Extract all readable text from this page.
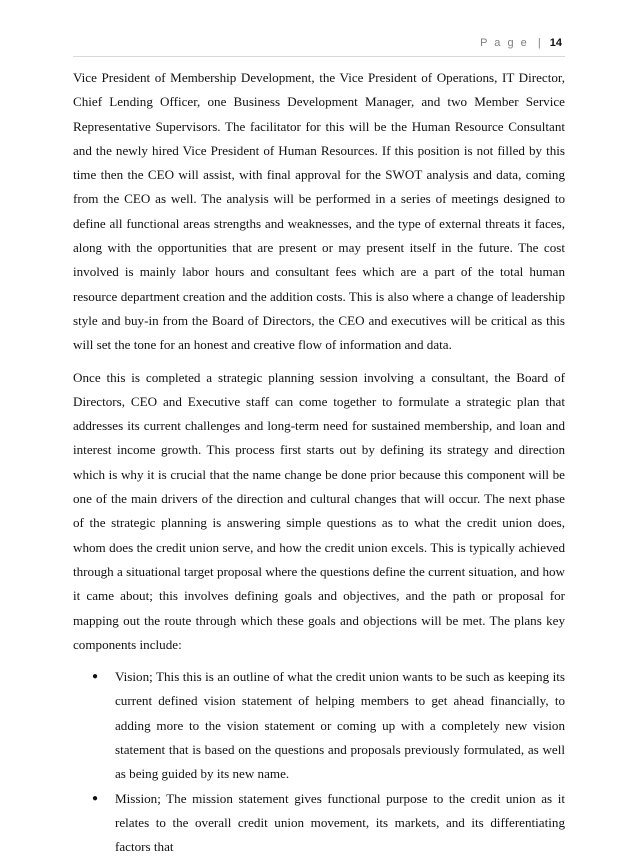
P a g e | 14

Vice President of Membership Development, the Vice President of Operations, IT Director, Chief Lending Officer, one Business Development Manager, and two Member Service Representative Supervisors. The facilitator for this will be the Human Resource Consultant and the newly hired Vice President of Human Resources. If this position is not filled by this time then the CEO will assist, with final approval for the SWOT analysis and data, coming from the CEO as well. The analysis will be performed in a series of meetings designed to define all functional areas strengths and weaknesses, and the type of external threats it faces, along with the opportunities that are present or may present itself in the future. The cost involved is mainly labor hours and consultant fees which are a part of the total human resource department creation and the addition costs. This is also where a change of leadership style and buy-in from the Board of Directors, the CEO and executives will be critical as this will set the tone for an honest and creative flow of information and data.

Once this is completed a strategic planning session involving a consultant, the Board of Directors, CEO and Executive staff can come together to formulate a strategic plan that addresses its current challenges and long-term need for sustained membership, and loan and interest income growth. This process first starts out by defining its strategy and direction which is why it is crucial that the name change be done prior because this component will be one of the main drivers of the direction and cultural changes that will occur. The next phase of the strategic planning is answering simple questions as to what the credit union does, whom does the credit union serve, and how the credit union excels. This is typically achieved through a situational target proposal where the questions define the current situation, and how it came about; this involves defining goals and objectives, and the path or proposal for mapping out the route through which these goals and objections will be met. The plans key components include:

● Vision; This this is an outline of what the credit union wants to be such as keeping its current defined vision statement of helping members to get ahead financially, to adding more to the vision statement or coming up with a completely new vision statement that is based on the questions and proposals previously formulated, as well as being guided by its new name.
● Mission; The mission statement gives functional purpose to the credit union as it relates to the overall credit union movement, its markets, and its differentiating factors that
